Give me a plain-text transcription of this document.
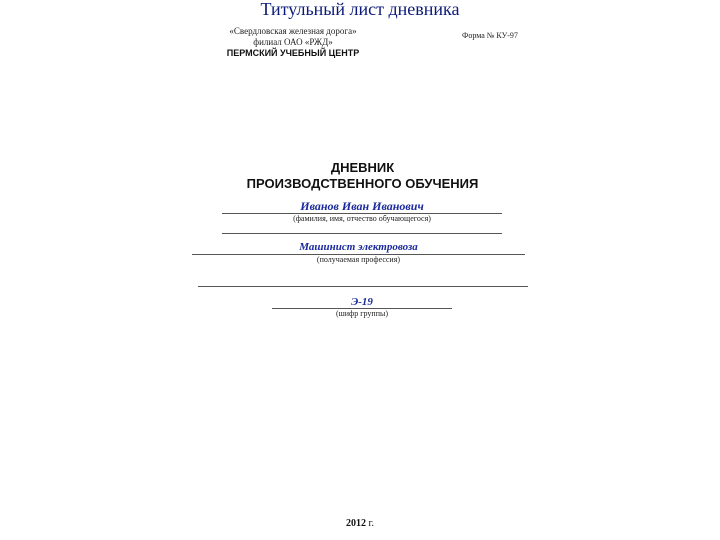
Титульный лист дневника
«Свердловская железная дорога»
филиал ОАО «РЖД»
ПЕРМСКИЙ УЧЕБНЫЙ ЦЕНТР
Форма № КУ-97
ДНЕВНИК
ПРОИЗВОДСТВЕННОГО ОБУЧЕНИЯ
Иванов Иван Иванович
(фамилия, имя, отчество обучающегося)
Машинист электровоза
(получаемая профессия)
Э-19
(шифр группы)
2012 г.
